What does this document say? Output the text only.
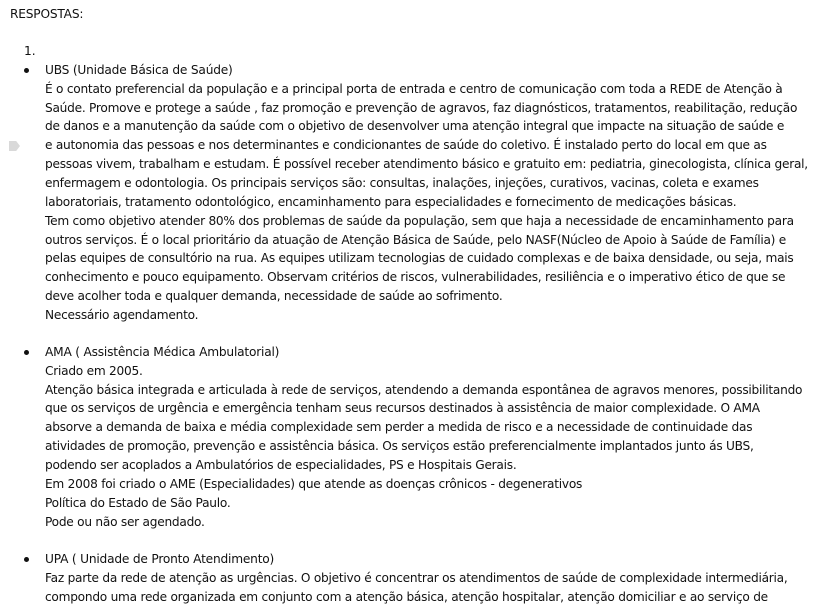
RESPOSTAS:
1.
UBS (Unidade Básica de Saúde)
É o contato preferencial da população e a principal porta de entrada e centro de comunicação com toda a REDE de Atenção à
Saúde. Promove e protege a saúde , faz promoção e prevenção de agravos, faz diagnósticos, tratamentos, reabilitação, redução
de danos e a manutenção da saúde com o objetivo de desenvolver uma atenção integral que impacte na situação de saúde e
e autonomia das pessoas e nos determinantes e condicionantes de saúde do coletivo. É instalado perto do local em que as
pessoas vivem, trabalham e estudam. É possível receber atendimento básico e gratuito em: pediatria, ginecologista, clínica geral,
enfermagem e odontologia. Os principais serviços são: consultas, inalações, injeções, curativos, vacinas, coleta e exames
laboratoriais, tratamento odontológico, encaminhamento para especialidades e fornecimento de medicações básicas.
Tem como objetivo atender 80% dos problemas de saúde da população, sem que haja a necessidade de encaminhamento para
outros serviços. É o local prioritário da atuação de Atenção Básica de Saúde, pelo NASF(Núcleo de Apoio à Saúde de Família) e
pelas equipes de consultório na rua. As equipes utilizam tecnologias de cuidado complexas e de baixa densidade, ou seja, mais
conhecimento e pouco equipamento. Observam critérios de riscos, vulnerabilidades, resiliência e o imperativo ético de que se
deve acolher toda e qualquer demanda, necessidade de saúde ao sofrimento.
Necessário agendamento.
AMA ( Assistência Médica Ambulatorial)
Criado em 2005.
Atenção básica integrada e articulada à rede de serviços, atendendo a demanda espontânea de agravos menores, possibilitando
que os serviços de urgência e emergência tenham seus recursos destinados à assistência de maior complexidade. O AMA
absorve a demanda de baixa e média complexidade sem perder a medida de risco e a necessidade de continuidade das
atividades de promoção, prevenção e assistência básica. Os serviços estão preferencialmente implantados junto ás UBS,
podendo ser acoplados a Ambulatórios de especialidades, PS e Hospitais Gerais.
Em 2008 foi criado o AME (Especialidades) que atende as doenças crônicos - degenerativos
Política do Estado de São Paulo.
Pode ou não ser agendado.
UPA ( Unidade de Pronto Atendimento)
Faz parte da rede de atenção as urgências. O objetivo é concentrar os atendimentos de saúde de complexidade intermediária,
compondo uma rede organizada em conjunto com a atenção básica, atenção hospitalar, atenção domiciliar e ao serviço de
